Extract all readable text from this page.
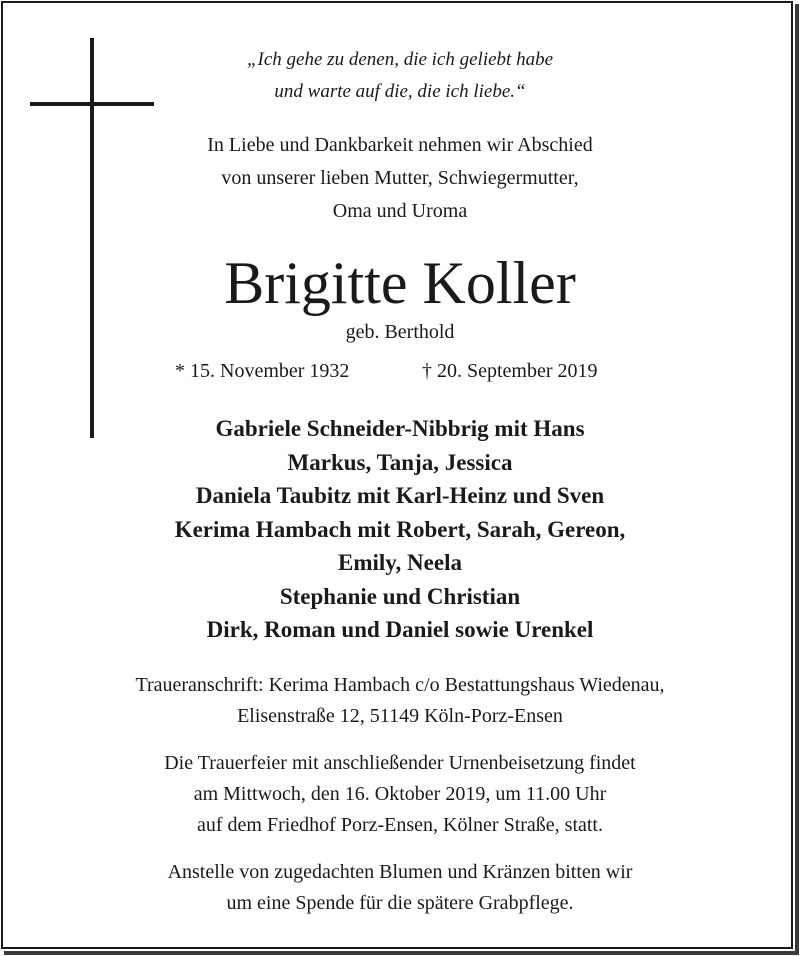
„Ich gehe zu denen, die ich geliebt habe
und warte auf die, die ich liebe.“
In Liebe und Dankbarkeit nehmen wir Abschied
von unserer lieben Mutter, Schwiegermutter,
Oma und Uroma
Brigitte Koller
geb. Berthold
* 15. November 1932	† 20. September 2019
Gabriele Schneider-Nibbrig mit Hans
Markus, Tanja, Jessica
Daniela Taubitz mit Karl-Heinz und Sven
Kerima Hambach mit Robert, Sarah, Gereon,
Emily, Neela
Stephanie und Christian
Dirk, Roman und Daniel sowie Urenkel
Traueranschrift: Kerima Hambach c/o Bestattungshaus Wiedenau,
Elisenstraße 12, 51149 Köln-Porz-Ensen
Die Trauerfeier mit anschließender Urnenbeisetzung findet
am Mittwoch, den 16. Oktober 2019, um 11.00 Uhr
auf dem Friedhof Porz-Ensen, Kölner Straße, statt.
Anstelle von zugedachten Blumen und Kränzen bitten wir
um eine Spende für die spätere Grabpflege.
